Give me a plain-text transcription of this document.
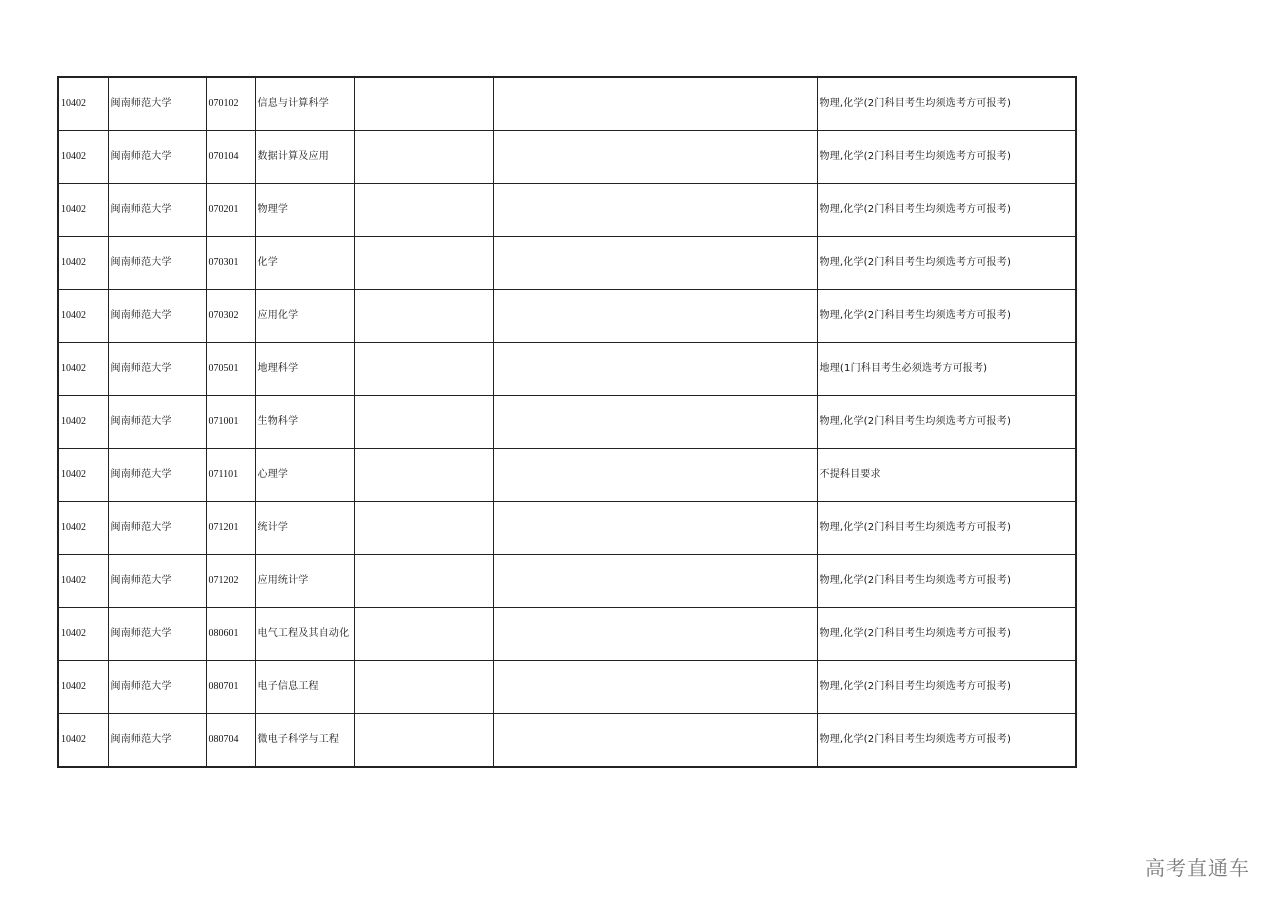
10402	闽南师范大学	070102	信息与计算科学			物理,化学(2门科目考生均须选考方可报考)
10402	闽南师范大学	070104	数据计算及应用			物理,化学(2门科目考生均须选考方可报考)
10402	闽南师范大学	070201	物理学			物理,化学(2门科目考生均须选考方可报考)
10402	闽南师范大学	070301	化学			物理,化学(2门科目考生均须选考方可报考)
10402	闽南师范大学	070302	应用化学			物理,化学(2门科目考生均须选考方可报考)
10402	闽南师范大学	070501	地理科学			地理(1门科目考生必须选考方可报考)
10402	闽南师范大学	071001	生物科学			物理,化学(2门科目考生均须选考方可报考)
10402	闽南师范大学	071101	心理学			不提科目要求
10402	闽南师范大学	071201	统计学			物理,化学(2门科目考生均须选考方可报考)
10402	闽南师范大学	071202	应用统计学			物理,化学(2门科目考生均须选考方可报考)
10402	闽南师范大学	080601	电气工程及其自动化			物理,化学(2门科目考生均须选考方可报考)
10402	闽南师范大学	080701	电子信息工程			物理,化学(2门科目考生均须选考方可报考)
10402	闽南师范大学	080704	微电子科学与工程			物理,化学(2门科目考生均须选考方可报考)
高考直通车
